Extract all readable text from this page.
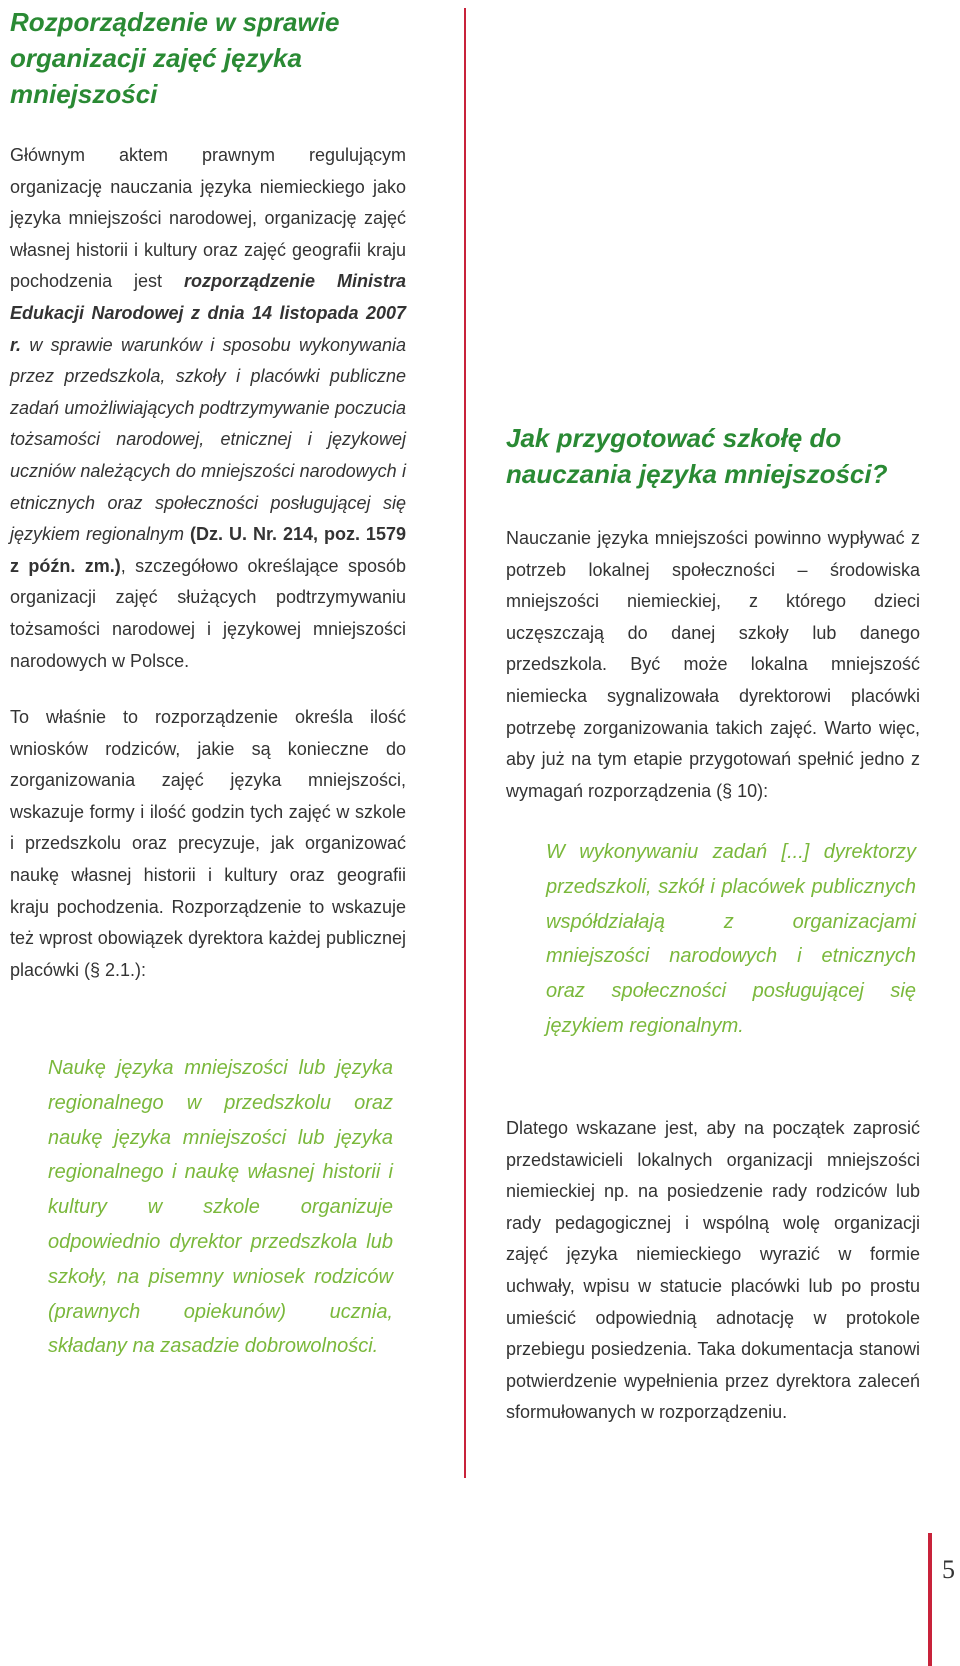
5
Rozporządzenie w sprawie organizacji zajęć języka mniejszości

Głównym aktem prawnym regulującym organizację nauczania języka niemieckiego jako języka mniejszości narodowej, organizację zajęć własnej historii i kultury oraz zajęć geografii kraju pochodzenia jest rozporządzenie Ministra Edukacji Narodowej z dnia 14 listopada 2007 r. w sprawie warunków i sposobu wykonywania przez przedszkola, szkoły i placówki publiczne zadań umożliwiających podtrzymywanie poczucia tożsamości narodowej, etnicznej i językowej uczniów należących do mniejszości narodowych i etnicznych oraz społeczności posługującej się językiem regionalnym (Dz. U. Nr. 214, poz. 1579 z późn. zm.), szczegółowo określające sposób organizacji zajęć służących podtrzymywaniu tożsamości narodowej i językowej mniejszości narodowych w Polsce.

To właśnie to rozporządzenie określa ilość wniosków rodziców, jakie są konieczne do zorganizowania zajęć języka mniejszości, wskazuje formy i ilość godzin tych zajęć w szkole i przedszkolu oraz precyzuje, jak organizować naukę własnej historii i kultury oraz geografii kraju pochodzenia. Rozporządzenie to wskazuje też wprost obowiązek dyrektora każdej publicznej placówki (§ 2.1.):

Naukę języka mniejszości lub języka regionalnego w przedszkolu oraz naukę języka mniejszości lub języka regionalnego i naukę własnej historii i kultury w szkole organizuje odpowiednio dyrektor przedszkola lub szkoły, na pisemny wniosek rodziców (prawnych opiekunów) ucznia, składany na zasadzie dobrowolności.

Jak przygotować szkołę do nauczania języka mniejszości?

Nauczanie języka mniejszości powinno wypływać z potrzeb lokalnej społeczności – środowiska mniejszości niemieckiej, z którego dzieci uczęszczają do danej szkoły lub danego przedszkola. Być może lokalna mniejszość niemiecka sygnalizowała dyrektorowi placówki potrzebę zorganizowania takich zajęć. Warto więc, aby już na tym etapie przygotowań spełnić jedno z wymagań rozporządzenia (§ 10):

W wykonywaniu zadań [...] dyrektorzy przedszkoli, szkół i placówek publicznych współdziałają z organizacjami mniejszości narodowych i etnicznych oraz społeczności posługującej się językiem regionalnym.

Dlatego wskazane jest, aby na początek zaprosić przedstawicieli lokalnych organizacji mniejszości niemieckiej np. na posiedzenie rady rodziców lub rady pedagogicznej i wspólną wolę organizacji zajęć języka niemieckiego wyrazić w formie uchwały, wpisu w statucie placówki lub po prostu umieścić odpowiednią adnotację w protokole przebiegu posiedzenia. Taka dokumentacja stanowi potwierdzenie wypełnienia przez dyrektora zaleceń sformułowanych w rozporządzeniu.
